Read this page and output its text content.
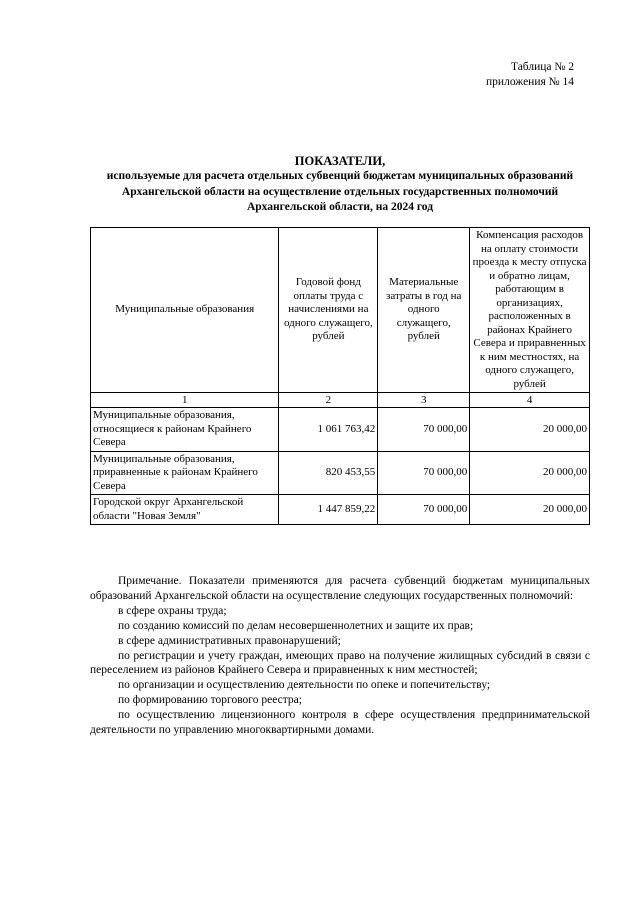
Таблица № 2
приложения № 14
ПОКАЗАТЕЛИ,
используемые для расчета отдельных субвенций бюджетам муниципальных образований Архангельской области на осуществление отдельных государственных полномочий Архангельской области, на 2024 год
Муниципальные образования	Годовой фонд оплаты труда с начислениями на одного служащего, рублей	Материальные затраты в год на одного служащего, рублей	Компенсация расходов на оплату стоимости проезда к месту отпуска и обратно лицам, работающим в организациях, расположенных в районах Крайнего Севера и приравненных к ним местностях, на одного служащего, рублей
1	2	3	4
Муниципальные образования, относящиеся к районам Крайнего Севера	1 061 763,42	70 000,00	20 000,00
Муниципальные образования, приравненные к районам Крайнего Севера	820 453,55	70 000,00	20 000,00
Городской округ Архангельской области "Новая Земля"	1 447 859,22	70 000,00	20 000,00

Примечание. Показатели применяются для расчета субвенций бюджетам муниципальных образований Архангельской области на осуществление следующих государственных полномочий:

в сфере охраны труда;

по созданию комиссий по делам несовершеннолетних и защите их прав;

в сфере административных правонарушений;

по регистрации и учету граждан, имеющих право на получение жилищных субсидий в связи с переселением из районов Крайнего Севера и приравненных к ним местностей;

по организации и осуществлению деятельности по опеке и попечительству;

по формированию торгового реестра;

по осуществлению лицензионного контроля в сфере осуществления предпринимательской деятельности по управлению многоквартирными домами.
